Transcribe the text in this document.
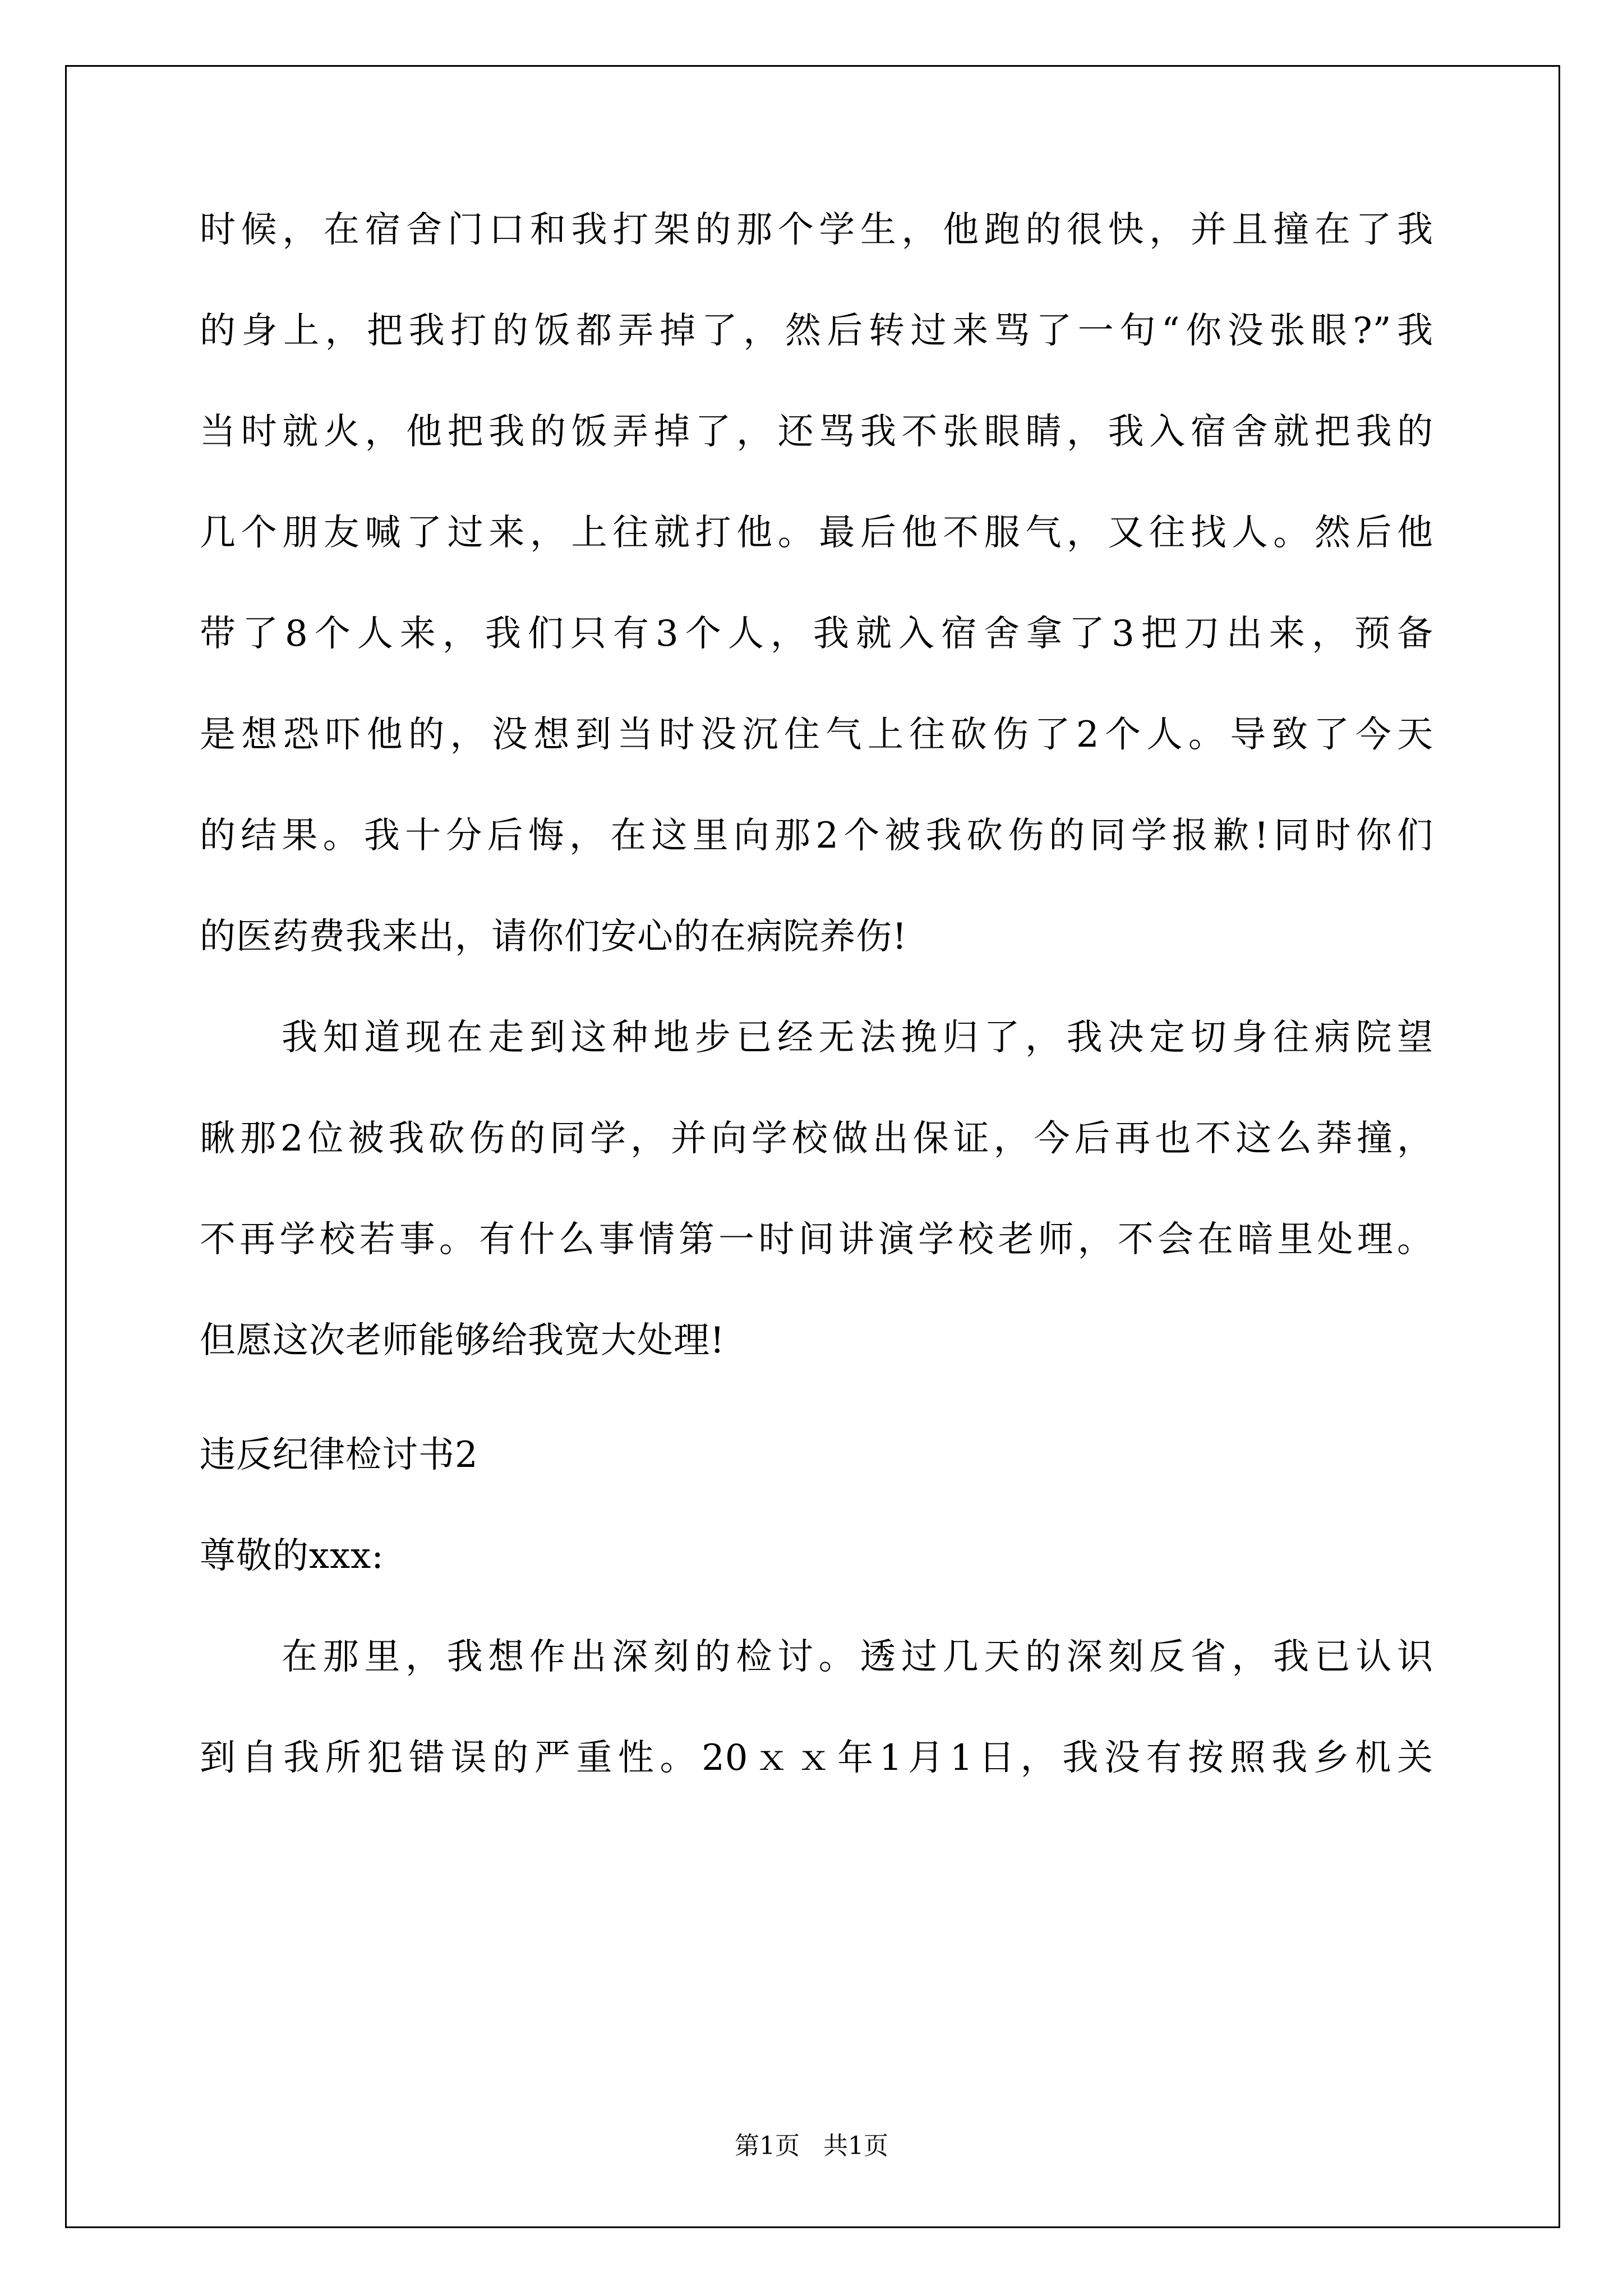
时候，在宿舍门口和我打架的那个学生，他跑的很快，并且撞在了我
的身上，把我打的饭都弄掉了，然后转过来骂了一句“你没张眼?”我
当时就火，他把我的饭弄掉了，还骂我不张眼睛，我入宿舍就把我的
几个朋友喊了过来，上往就打他。最后他不服气，又往找人。然后他
带了8个人来，我们只有3个人，我就入宿舍拿了3把刀出来，预备
是想恐吓他的，没想到当时没沉住气上往砍伤了2个人。导致了今天
的结果。我十分后悔，在这里向那2个被我砍伤的同学报歉!同时你们
的医药费我来出，请你们安心的在病院养伤!
我知道现在走到这种地步已经无法挽归了，我决定切身往病院望
瞅那2位被我砍伤的同学，并向学校做出保证，今后再也不这么莽撞，
不再学校若事。有什么事情第一时间讲演学校老师，不会在暗里处理。
但愿这次老师能够给我宽大处理!
违反纪律检讨书2
尊敬的xxx:
在那里，我想作出深刻的检讨。透过几天的深刻反省，我已认识
到自我所犯错误的严重性。20ｘｘ年1月1日，我没有按照我乡机关
第1页   共1页
